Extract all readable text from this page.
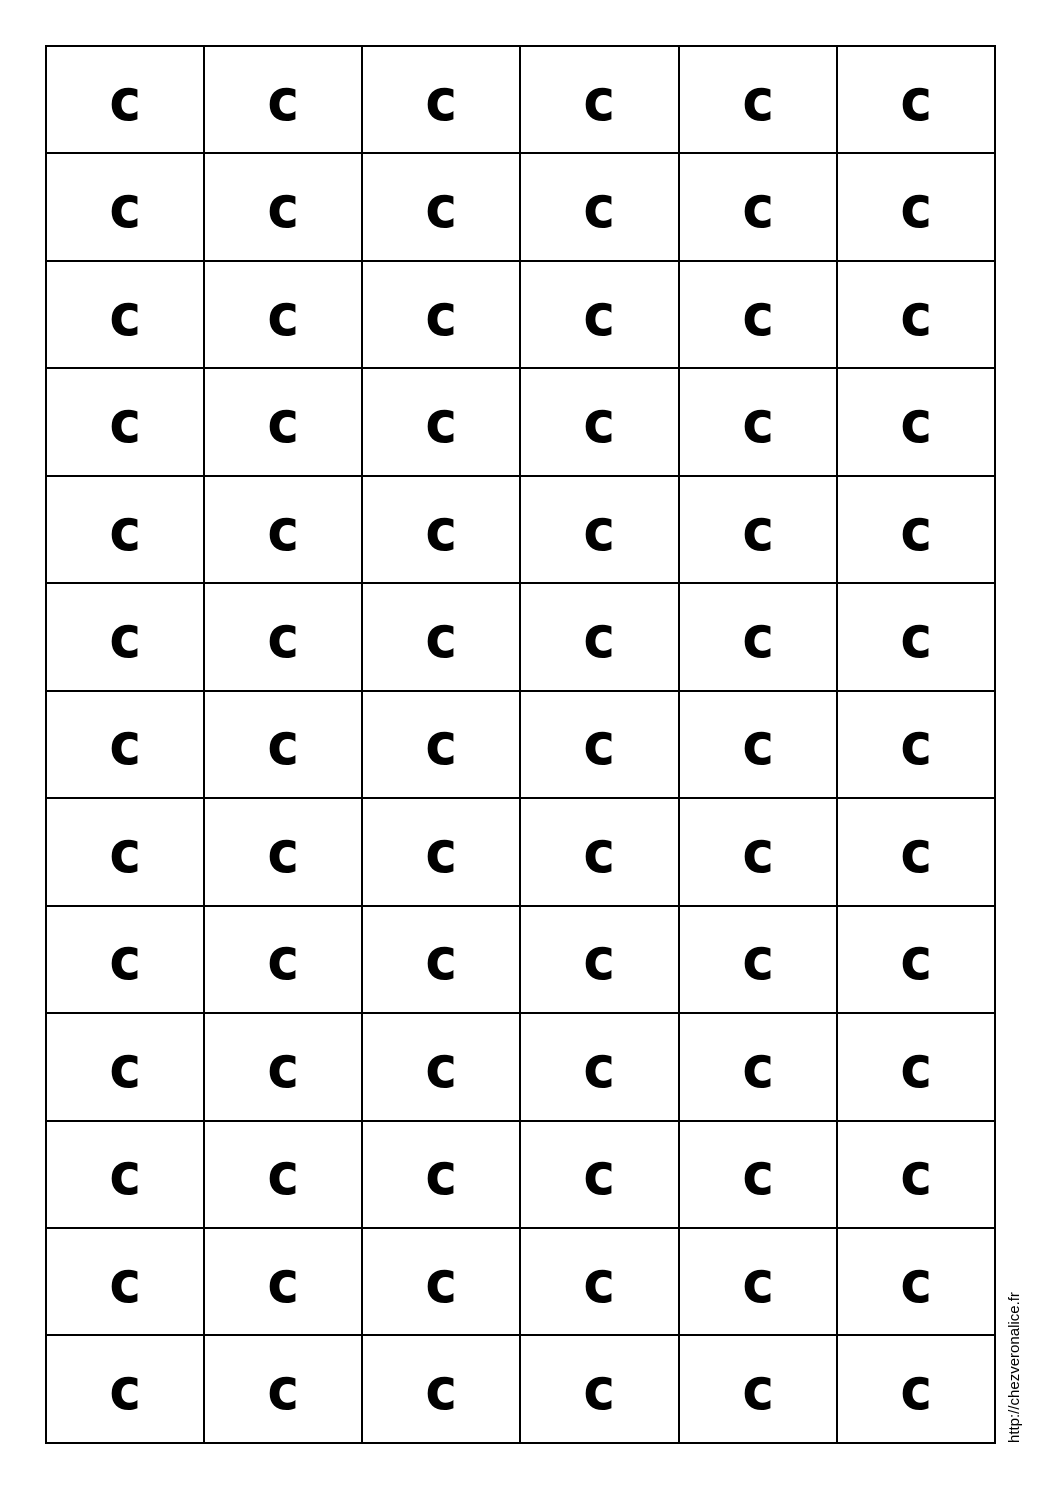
c	c	c	c	c	c
c	c	c	c	c	c
c	c	c	c	c	c
c	c	c	c	c	c
c	c	c	c	c	c
c	c	c	c	c	c
c	c	c	c	c	c
c	c	c	c	c	c
c	c	c	c	c	c
c	c	c	c	c	c
c	c	c	c	c	c
c	c	c	c	c	c
c	c	c	c	c	c	http://chezveronalice.fr
